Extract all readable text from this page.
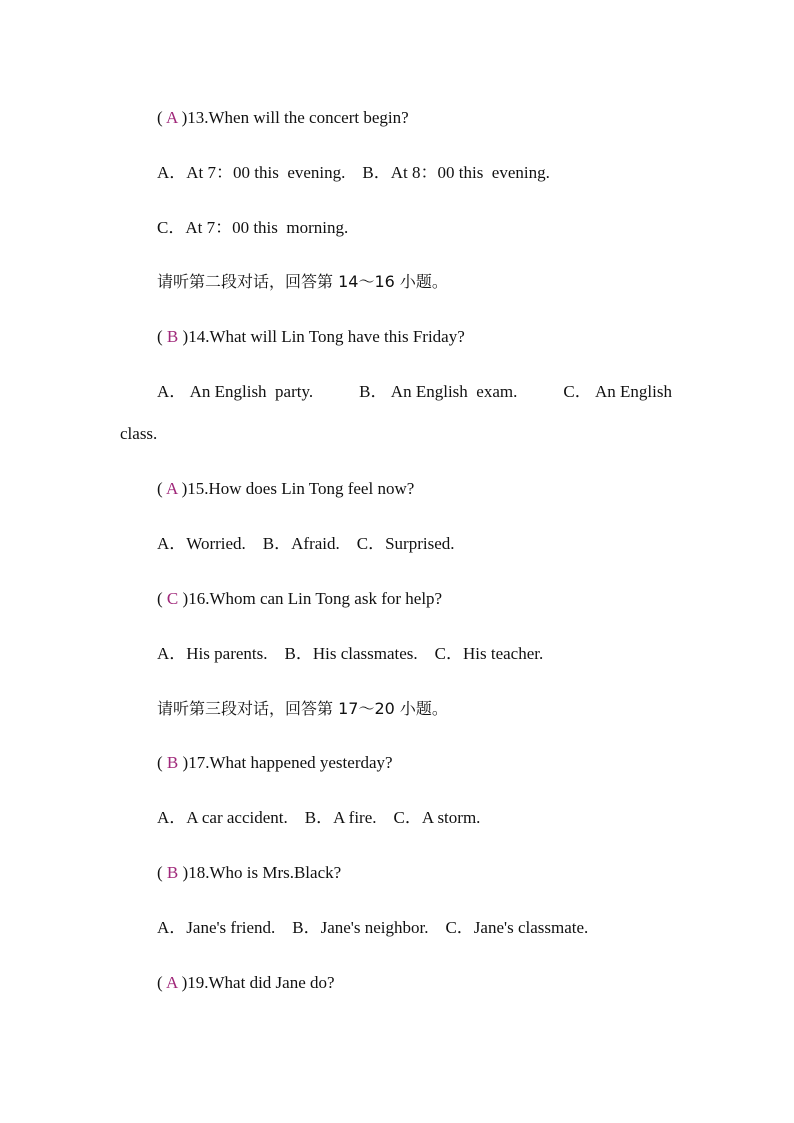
( A )13.When will the concert begin?
A．At 7：00 this  evening.    B．At 8：00 this  evening.
C．At 7：00 this  morning.
请听第二段对话，回答第 14～16 小题。
( B )14.What will Lin Tong have this Friday?
A． An English  party.	B． An English  exam.	C． An English
class.
( A )15.How does Lin Tong feel now?
A．Worried.    B．Afraid.    C．Surprised.
( C )16.Whom can Lin Tong ask for help?
A．His parents.    B．His classmates.    C．His teacher.
请听第三段对话，回答第 17～20 小题。
( B )17.What happened yesterday?
A．A car accident.    B．A fire.    C．A storm.
( B )18.Who is Mrs.Black?
A．Jane's friend.    B．Jane's neighbor.    C．Jane's classmate.
( A )19.What did Jane do?
